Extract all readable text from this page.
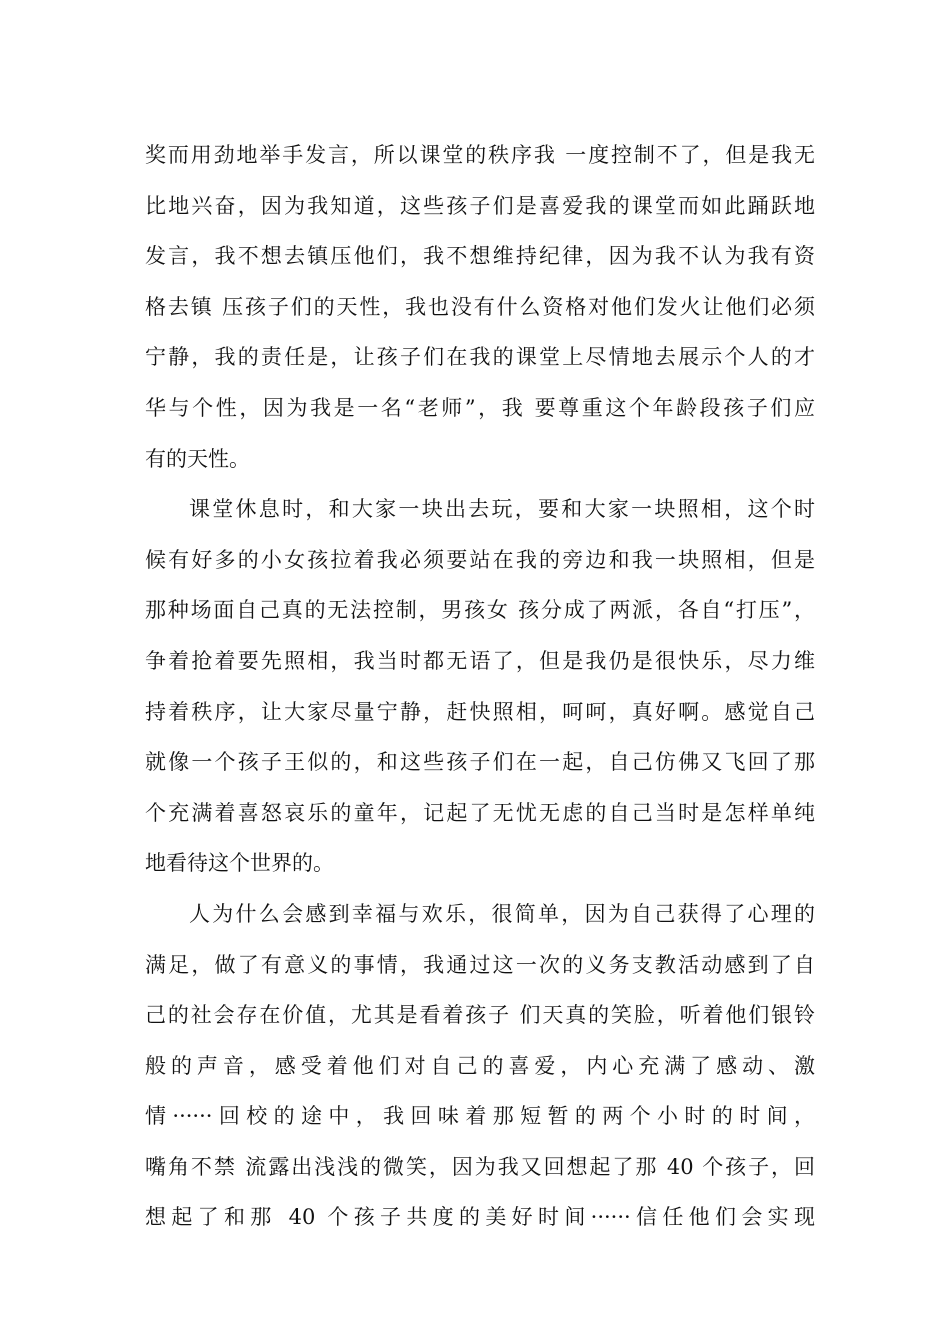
奖而用劲地举手发言，所以课堂的秩序我 一度控制不了，但是我无
比地兴奋，因为我知道，这些孩子们是喜爱我的课堂而如此踊跃地
发言，我不想去镇压他们，我不想维持纪律，因为我不认为我有资
格去镇 压孩子们的天性，我也没有什么资格对他们发火让他们必须
宁静，我的责任是，让孩子们在我的课堂上尽情地去展示个人的才
华与个性，因为我是一名“老师”，我 要尊重这个年龄段孩子们应
有的天性。
课堂休息时，和大家一块出去玩，要和大家一块照相，这个时
候有好多的小女孩拉着我必须要站在我的旁边和我一块照相，但是
那种场面自己真的无法控制，男孩女 孩分成了两派，各自“打压”，
争着抢着要先照相，我当时都无语了，但是我仍是很快乐，尽力维
持着秩序，让大家尽量宁静，赶快照相，呵呵，真好啊。感觉自己
就像一个孩子王似的，和这些孩子们在一起，自己仿佛又飞回了那
个充满着喜怒哀乐的童年，记起了无忧无虑的自己当时是怎样单纯
地看待这个世界的。
人为什么会感到幸福与欢乐，很简单，因为自己获得了心理的
满足，做了有意义的事情，我通过这一次的义务支教活动感到了自
己的社会存在价值，尤其是看着孩子 们天真的笑脸，听着他们银铃
般的声音，感受着他们对自己的喜爱，内心充满了感动、激
情······回校的途中，我回味着那短暂的两个小时的时间，
嘴角不禁 流露出浅浅的微笑，因为我又回想起了那 40 个孩子，回
想起了和那 40 个孩子共度的美好时间······信任他们会实现
